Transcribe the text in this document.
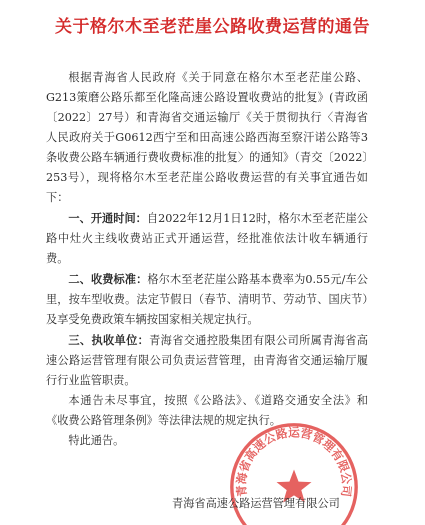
关于格尔木至老茫崖公路收费运营的通告

根据青海省人民政府《关于同意在格尔木至老茫崖公路、G213策磨公路乐都至化隆高速公路设置收费站的批复》(青政函〔2022〕27号）和青海省交通运输厅《关于贯彻执行〈青海省人民政府关于G0612西宁至和田高速公路西海至察汗诺公路等3条收费公路车辆通行费收费标准的批复〉的通知》（青交〔2022〕253号），现将格尔木至老茫崖公路收费运营的有关事宜通告如下：

一、开通时间：自2022年12月1日12时，格尔木至老茫崖公路中灶火主线收费站正式开通运营，经批准依法计收车辆通行费。

二、收费标准：格尔木至老茫崖公路基本费率为0.55元/车公里，按车型收费。法定节假日（春节、清明节、劳动节、国庆节）及享受免费政策车辆按国家相关规定执行。

三、执收单位：青海省交通控股集团有限公司所属青海省高速公路运营管理有限公司负责运营管理，由青海省交通运输厅履行行业监管职责。

本通告未尽事宜，按照《公路法》、《道路交通安全法》和《收费公路管理条例》等法律法规的规定执行。

特此通告。

青海省高速公路运营管理有限公司
青海省高速公路运营管理有限公司
